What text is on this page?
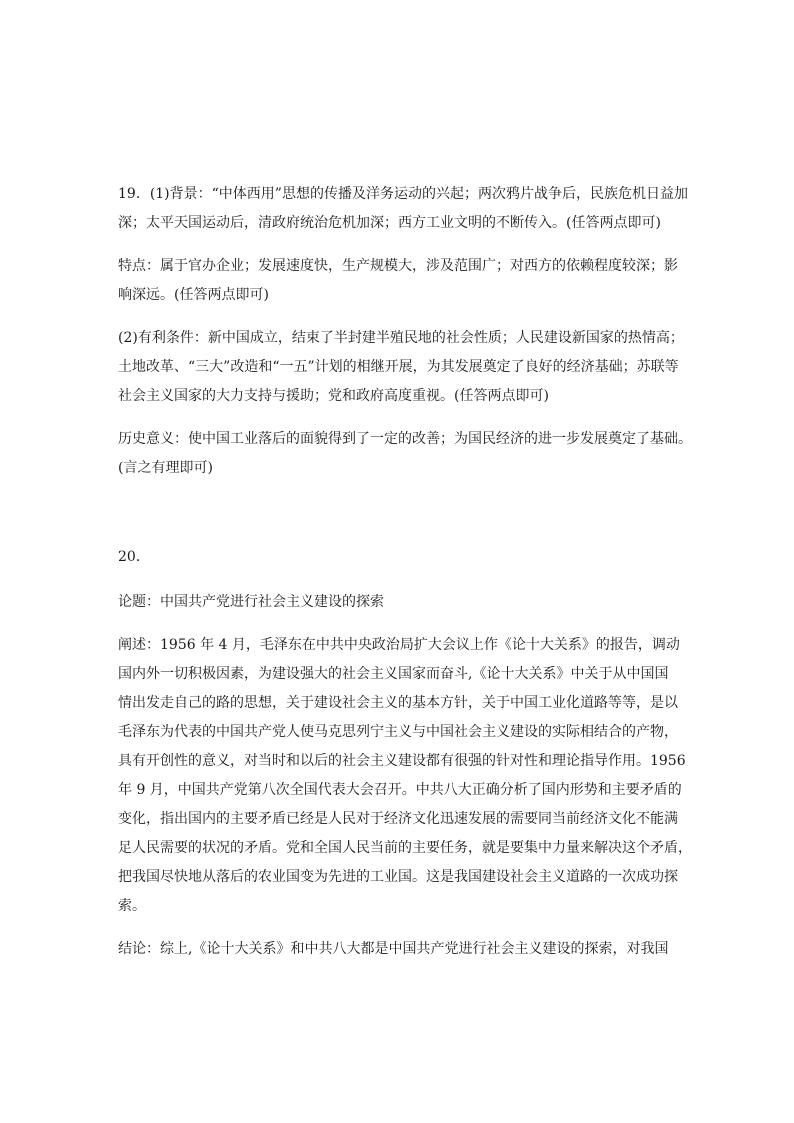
19．(1)背景：“中体西用”思想的传播及洋务运动的兴起；两次鸦片战争后，民族危机日益加
深；太平天国运动后，清政府统治危机加深；西方工业文明的不断传入。(任答两点即可)
特点：属于官办企业；发展速度快，生产规模大，涉及范围广；对西方的依赖程度较深；影
响深远。(任答两点即可)
(2)有利条件：新中国成立，结束了半封建半殖民地的社会性质；人民建设新国家的热情高；
土地改革、“三大”改造和“一五”计划的相继开展，为其发展奠定了良好的经济基础；苏联等
社会主义国家的大力支持与援助；党和政府高度重视。(任答两点即可)
历史意义：使中国工业落后的面貌得到了一定的改善；为国民经济的进一步发展奠定了基础。
(言之有理即可)
20．
论题：中国共产党进行社会主义建设的探索
阐述：1956 年 4 月，毛泽东在中共中央政治局扩大会议上作《论十大关系》的报告，调动
国内外一切积极因素，为建设强大的社会主义国家而奋斗,《论十大关系》中关于从中国国
情出发走自己的路的思想，关于建设社会主义的基本方针，关于中国工业化道路等等，是以
毛泽东为代表的中国共产党人使马克思列宁主义与中国社会主义建设的实际相结合的产物，
具有开创性的意义，对当时和以后的社会主义建设都有很强的针对性和理论指导作用。1956
年 9 月，中国共产党第八次全国代表大会召开。中共八大正确分析了国内形势和主要矛盾的
变化，指出国内的主要矛盾已经是人民对于经济文化迅速发展的需要同当前经济文化不能满
足人民需要的状况的矛盾。党和全国人民当前的主要任务，就是要集中力量来解决这个矛盾，
把我国尽快地从落后的农业国变为先进的工业国。这是我国建设社会主义道路的一次成功探
索。
结论：综上,《论十大关系》和中共八大都是中国共产党进行社会主义建设的探索，对我国
